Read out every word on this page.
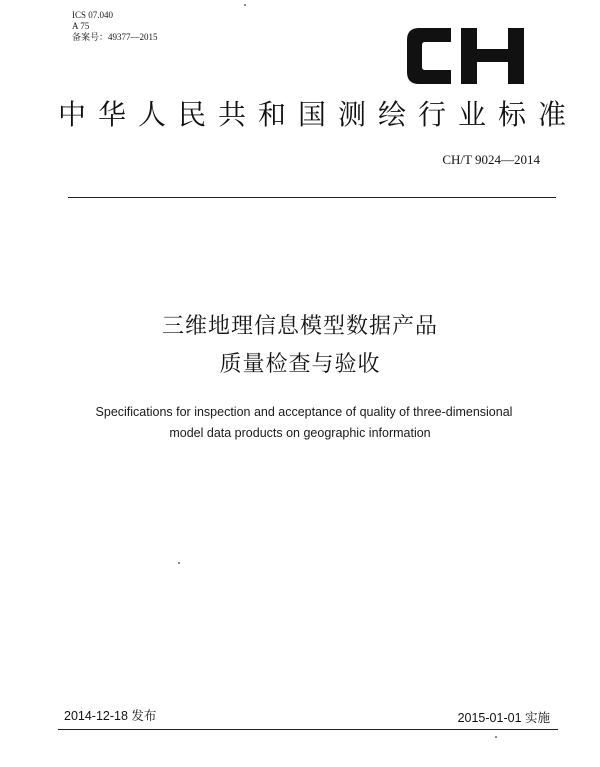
ICS 07.040
A 75
备案号：49377—2015
中华人民共和国测绘行业标准
CH/T 9024—2014
三维地理信息模型数据产品
质量检查与验收
Specifications for inspection and acceptance of quality of three-dimensional
model data products on geographic information
2014-12-18 发布	2015-01-01 实施
